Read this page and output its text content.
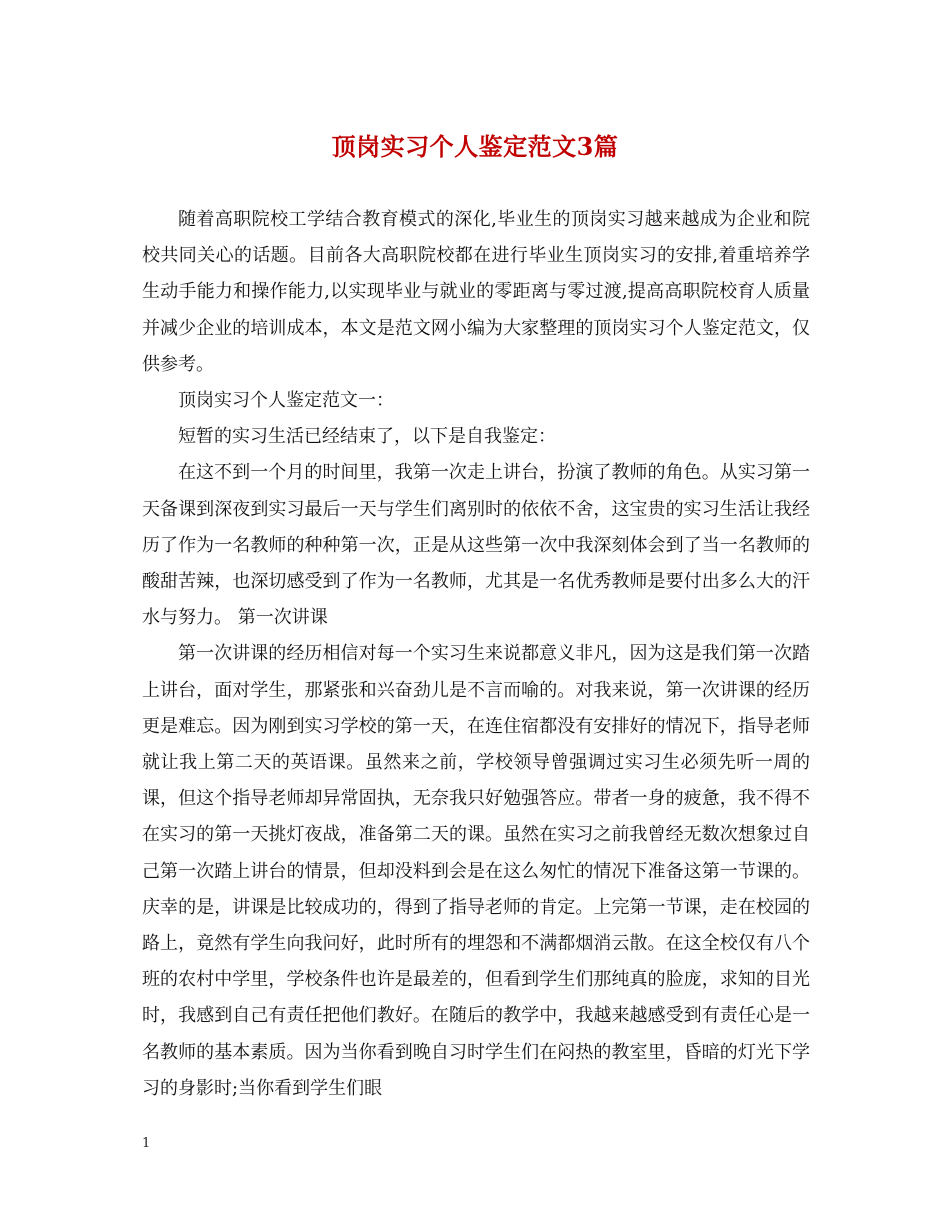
顶岗实习个人鉴定范文3篇

随着高职院校工学结合教育模式的深化,毕业生的顶岗实习越来越成为企业和院校共同关心的话题。目前各大高职院校都在进行毕业生顶岗实习的安排,着重培养学生动手能力和操作能力,以实现毕业与就业的零距离与零过渡,提高高职院校育人质量并减少企业的培训成本，本文是范文网小编为大家整理的顶岗实习个人鉴定范文，仅供参考。

顶岗实习个人鉴定范文一：

短暂的实习生活已经结束了，以下是自我鉴定：

在这不到一个月的时间里，我第一次走上讲台，扮演了教师的角色。从实习第一天备课到深夜到实习最后一天与学生们离别时的依依不舍，这宝贵的实习生活让我经历了作为一名教师的种种第一次，正是从这些第一次中我深刻体会到了当一名教师的酸甜苦辣，也深切感受到了作为一名教师，尤其是一名优秀教师是要付出多么大的汗水与努力。 第一次讲课

第一次讲课的经历相信对每一个实习生来说都意义非凡，因为这是我们第一次踏上讲台，面对学生，那紧张和兴奋劲儿是不言而喻的。对我来说，第一次讲课的经历更是难忘。因为刚到实习学校的第一天，在连住宿都没有安排好的情况下，指导老师就让我上第二天的英语课。虽然来之前，学校领导曾强调过实习生必须先听一周的课，但这个指导老师却异常固执，无奈我只好勉强答应。带者一身的疲惫，我不得不在实习的第一天挑灯夜战，准备第二天的课。虽然在实习之前我曾经无数次想象过自己第一次踏上讲台的情景，但却没料到会是在这么匆忙的情况下准备这第一节课的。庆幸的是，讲课是比较成功的，得到了指导老师的肯定。上完第一节课，走在校园的路上，竟然有学生向我问好，此时所有的埋怨和不满都烟消云散。在这全校仅有八个班的农村中学里，学校条件也许是最差的，但看到学生们那纯真的脸庞，求知的目光时，我感到自己有责任把他们教好。在随后的教学中，我越来越感受到有责任心是一名教师的基本素质。因为当你看到晚自习时学生们在闷热的教室里，昏暗的灯光下学习的身影时;当你看到学生们眼

1
